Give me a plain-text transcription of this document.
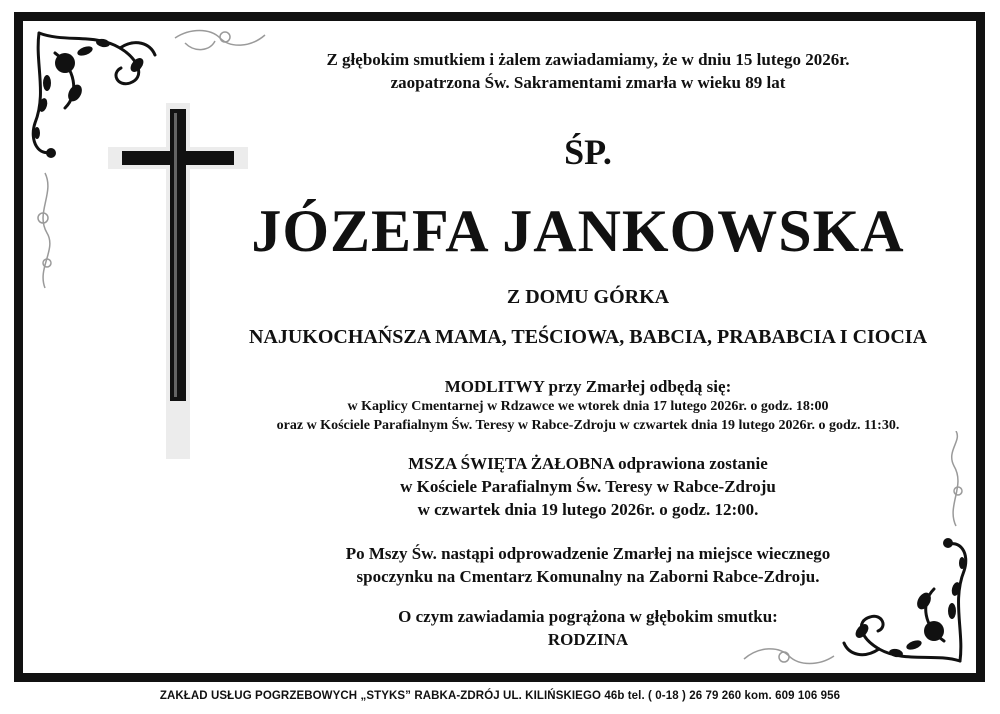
Z głębokim smutkiem i żalem zawiadamiamy, że w dniu 15 lutego 2026r.
zaopatrzona Św. Sakramentami zmarła w wieku 89 lat
ŚP.
JÓZEFA JANKOWSKA
Z DOMU GÓRKA
NAJUKOCHAŃSZA MAMA, TEŚCIOWA, BABCIA, PRABABCIA I CIOCIA
MODLITWY przy Zmarłej odbędą się:
w Kaplicy Cmentarnej w Rdzawce we wtorek dnia 17 lutego 2026r. o godz. 18:00
oraz w Kościele Parafialnym Św. Teresy w Rabce-Zdroju w czwartek dnia 19 lutego 2026r. o godz. 11:30.
MSZA ŚWIĘTA ŻAŁOBNA odprawiona zostanie
w Kościele Parafialnym Św. Teresy w Rabce-Zdroju
w czwartek dnia 19 lutego 2026r. o godz. 12:00.
Po Mszy Św. nastąpi odprowadzenie Zmarłej na miejsce wiecznego
spoczynku na Cmentarz Komunalny na Zaborni Rabce-Zdroju.
O czym zawiadamia pogrążona w głębokim smutku:
RODZINA
ZAKŁAD USŁUG POGRZEBOWYCH „STYKS” RABKA-ZDRÓJ UL. KILIŃSKIEGO 46b tel. ( 0-18 ) 26 79 260 kom. 609 106 956
